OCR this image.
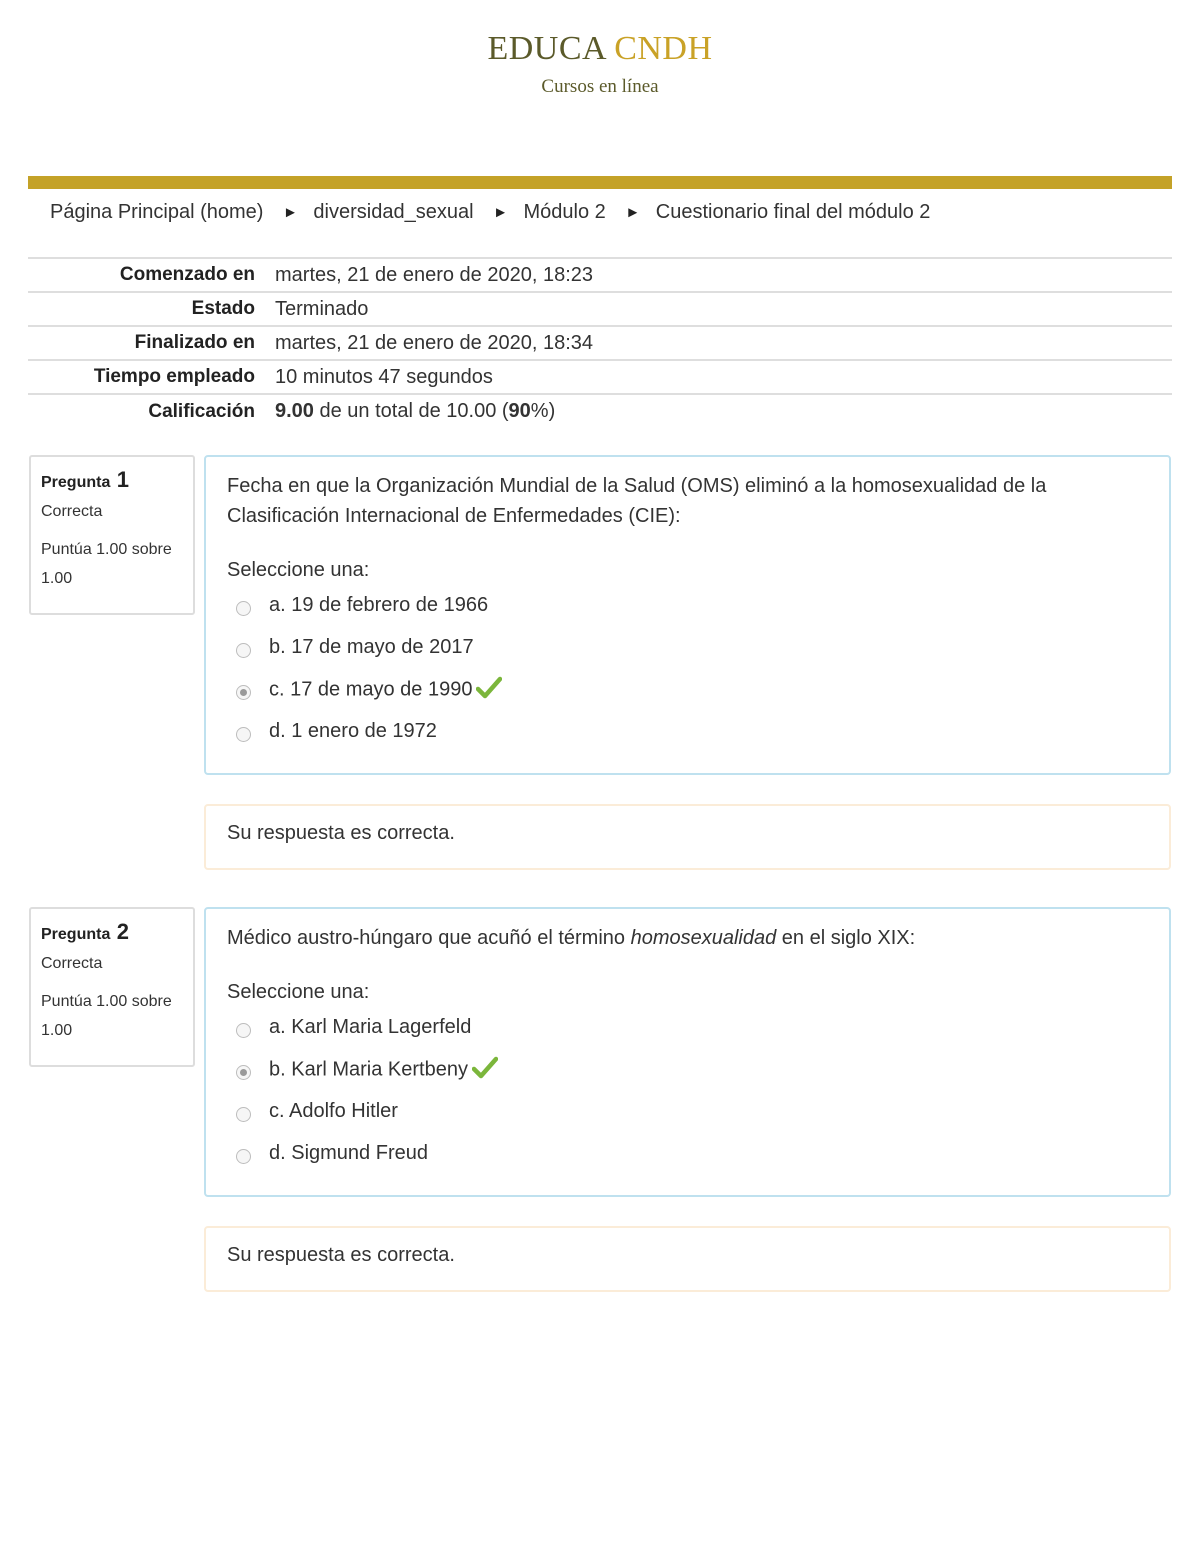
EDUCA CNDH
Cursos en línea
Página Principal (home) ► diversidad_sexual ► Módulo 2 ► Cuestionario final del módulo 2
Comenzado en	martes, 21 de enero de 2020, 18:23
Estado	Terminado
Finalizado en	martes, 21 de enero de 2020, 18:34
Tiempo empleado	10 minutos 47 segundos
Calificación	9.00 de un total de 10.00 (90%)
Pregunta 1
Correcta
Puntúa 1.00 sobre 1.00
Fecha en que la Organización Mundial de la Salud (OMS) eliminó a la homosexualidad de la Clasificación Internacional de Enfermedades (CIE):
Seleccione una:
a. 19 de febrero de 1966
b. 17 de mayo de 2017
c. 17 de mayo de 1990
d. 1 enero de 1972
Su respuesta es correcta.
Pregunta 2
Correcta
Puntúa 1.00 sobre 1.00
Médico austro-húngaro que acuñó el término homosexualidad en el siglo XIX:
Seleccione una:
a. Karl Maria Lagerfeld
b. Karl Maria Kertbeny
c. Adolfo Hitler
d. Sigmund Freud
Su respuesta es correcta.
